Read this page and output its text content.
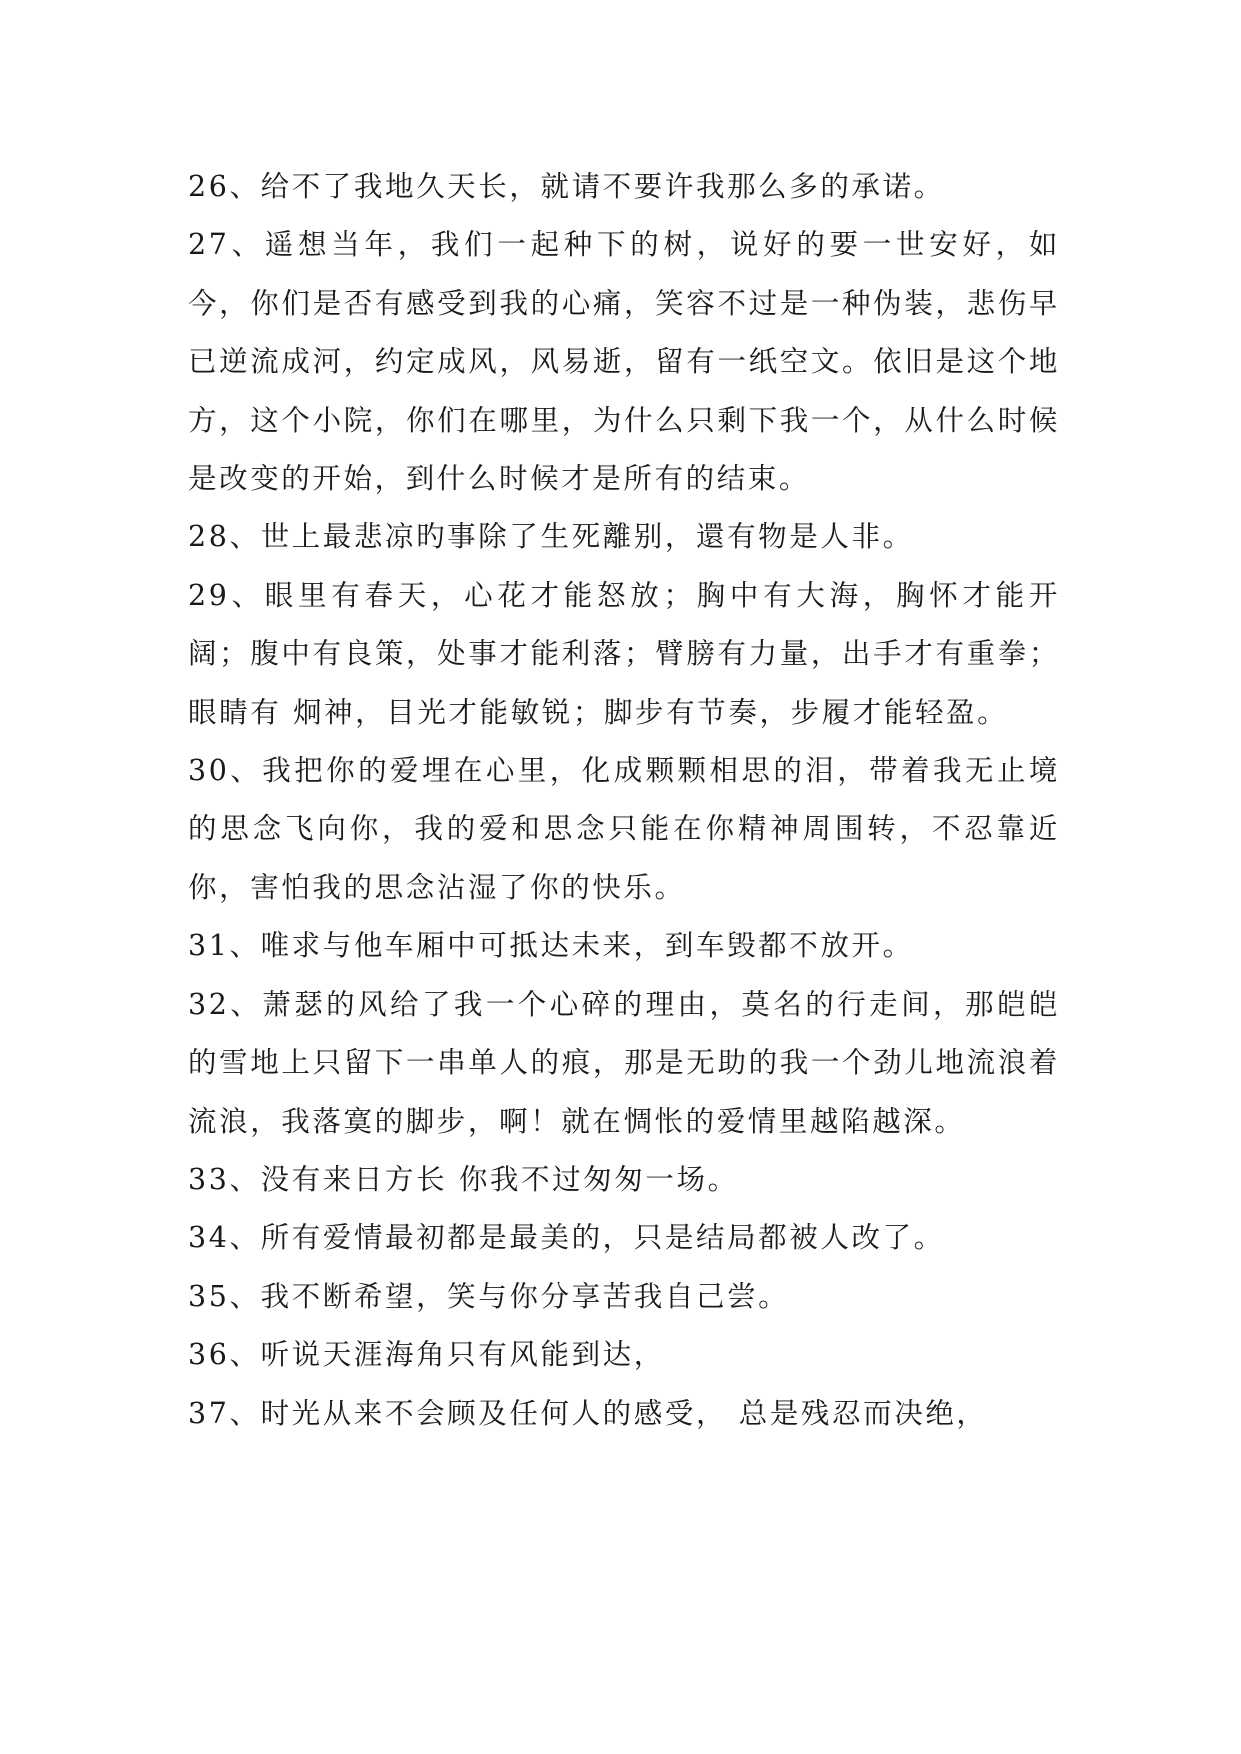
26、给不了我地久天长，就请不要许我那么多的承诺。

27、遥想当年，我们一起种下的树，说好的要一世安好，如今，你们是否有感受到我的心痛，笑容不过是一种伪装，悲伤早已逆流成河，约定成风，风易逝，留有一纸空文。依旧是这个地方，这个小院，你们在哪里，为什么只剩下我一个，从什么时候是改变的开始，到什么时候才是所有的结束。

28、世上最悲凉旳事除了生死離别，還有物是人非。

29、眼里有春天，心花才能怒放；胸中有大海，胸怀才能开阔；腹中有良策，处事才能利落；臂膀有力量，出手才有重拳；眼睛有 炯神，目光才能敏锐；脚步有节奏，步履才能轻盈。

30、我把你的爱埋在心里，化成颗颗相思的泪，带着我无止境的思念飞向你，我的爱和思念只能在你精神周围转，不忍靠近你，害怕我的思念沾湿了你的快乐。

31、唯求与他车厢中可抵达未来，到车毁都不放开。

32、萧瑟的风给了我一个心碎的理由，莫名的行走间，那皑皑的雪地上只留下一串单人的痕，那是无助的我一个劲儿地流浪着流浪，我落寞的脚步，啊！就在惆怅的爱情里越陷越深。

33、没有来日方长 你我不过匆匆一场。

34、所有爱情最初都是最美的，只是结局都被人改了。

35、我不断希望，笑与你分享苦我自己尝。

36、听说天涯海角只有风能到达，

37、时光从来不会顾及任何人的感受， 总是残忍而决绝，
